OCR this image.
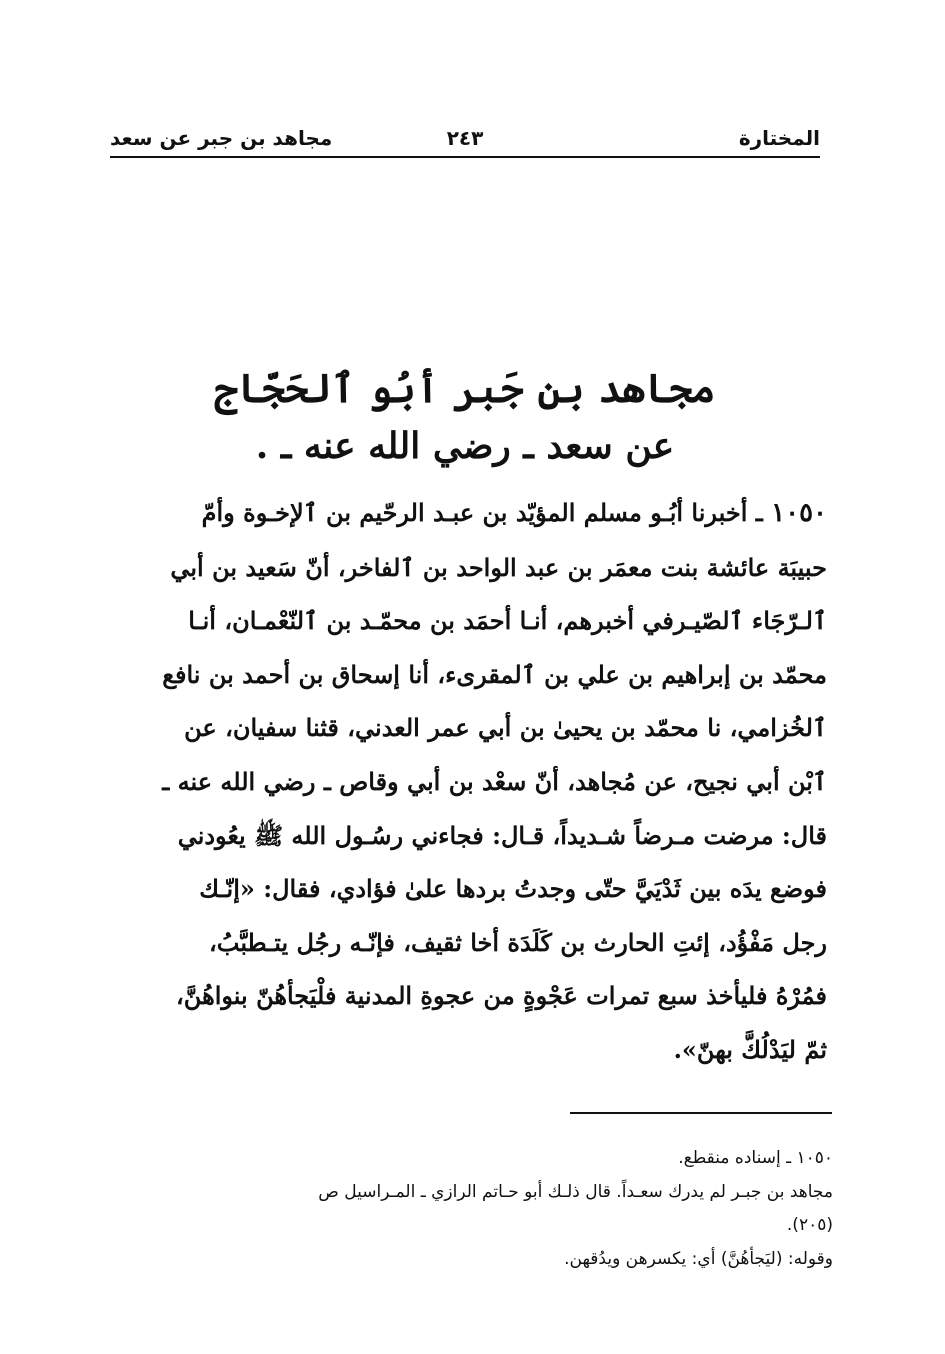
المختارة
٢٤٣
مجاهد بن جبر عن سعد
مجاهد بن جَبر أبُو ٱلحَجّاج
عن سعد ـ رضي الله عنه ـ .
١٠٥٠ ـ أخبرنا أبُـو مسلم المؤيّد بن عبـد الرحّيم بن ٱلإخـوة وأمّ
حبيبَة عائشة بنت معمَر بن عبد الواحد بن ٱلفاخر، أنّ سَعيد بن أبي
ٱلـرّجَاء ٱلصّيـرفي أخبرهم، أنـا أحمَد بن محمّـد بن ٱلنّعْمـان، أنـا
محمّد بن إبراهيم بن علي بن ٱلمقرىء، أنا إسحاق بن أحمد بن نافع
ٱلخُزامي، نا محمّد بن يحيىٰ بن أبي عمر العدني، قثنا سفيان، عن
ٱبْن أبي نجيح، عن مُجاهد، أنّ سعْد بن أبي وقاص ـ رضي الله عنه ـ
قال: مرضت مـرضاً شـديداً، قـال: فجاءني رسُـول الله ﷺ يعُودني
فوضع يدَه بين ثَدْيَيَّ حتّى وجدتُ بردها علىٰ فؤادي، فقال: «إنّـك
رجل مَفْؤُد، إئتِ الحارث بن كَلَدَة أخا ثقيف، فإنّـه رجُل يتـطبَّبُ،
فمُرْهُ فليأخذ سبع تمرات عَجْوةٍ من عجوةِ المدنية فلْيَجأهُنّ بنواهُنَّ،
ثمّ ليَدْلُكَّ بهنّ».
١٠٥٠ ـ إسناده منقطع.
مجاهد بن جبـر لم يدرك سعـداً. قال ذلـك أبو حـاتم الرازي ـ المـراسيل ص
(٢٠٥).
وقوله: (ليَجأهُنَّ) أي: يكسرهن ويدُقهن.
